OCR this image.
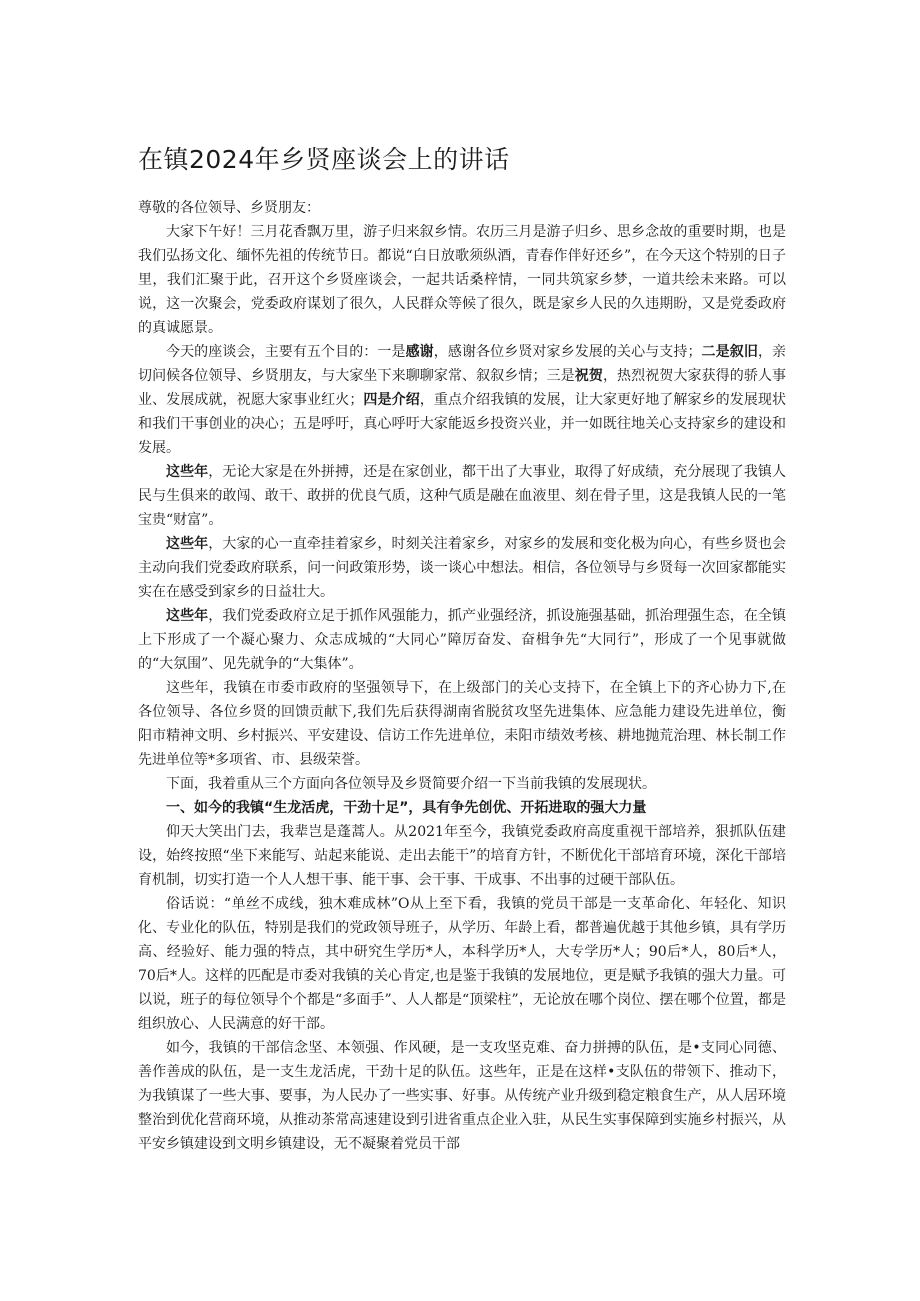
在镇2024年乡贤座谈会上的讲话

尊敬的各位领导、乡贤朋友：

大家下午好！三月花香飘万里，游子归来叙乡情。农历三月是游子归乡、思乡念故的重要时期，也是我们弘扬文化、缅怀先祖的传统节日。都说“白日放歌须纵酒，青春作伴好还乡”，在今天这个特别的日子里，我们汇聚于此，召开这个乡贤座谈会，一起共话桑梓情，一同共筑家乡梦，一道共绘未来路。可以说，这一次聚会，党委政府谋划了很久，人民群众等候了很久，既是家乡人民的久违期盼，又是党委政府的真诚愿景。

今天的座谈会，主要有五个目的：一是感谢，感谢各位乡贤对家乡发展的关心与支持；二是叙旧，亲切问候各位领导、乡贤朋友，与大家坐下来聊聊家常、叙叙乡情；三是祝贺，热烈祝贺大家获得的骄人事业、发展成就，祝愿大家事业红火；四是介绍，重点介绍我镇的发展，让大家更好地了解家乡的发展现状和我们干事创业的决心；五是呼吁，真心呼吁大家能返乡投资兴业，并一如既往地关心支持家乡的建设和发展。

这些年，无论大家是在外拼搏，还是在家创业，都干出了大事业，取得了好成绩，充分展现了我镇人民与生俱来的敢闯、敢干、敢拼的优良气质，这种气质是融在血液里、刻在骨子里，这是我镇人民的一笔宝贵“财富”。

这些年，大家的心一直牵挂着家乡，时刻关注着家乡，对家乡的发展和变化极为向心，有些乡贤也会主动向我们党委政府联系，问一问政策形势，谈一谈心中想法。相信，各位领导与乡贤每一次回家都能实实在在感受到家乡的日益壮大。

这些年，我们党委政府立足于抓作风强能力，抓产业强经济，抓设施强基础，抓治理强生态，在全镇上下形成了一个凝心聚力、众志成城的“大同心”障厉奋发、奋楫争先“大同行”，形成了一个见事就做的“大氛围”、见先就争的“大集体”。

这些年，我镇在市委市政府的坚强领导下，在上级部门的关心支持下，在全镇上下的齐心协力下,在各位领导、各位乡贤的回馈贡献下,我们先后获得湖南省脱贫攻坚先进集体、应急能力建设先进单位，衡阳市精神文明、乡村振兴、平安建设、信访工作先进单位，耒阳市绩效考核、耕地抛荒治理、林长制工作先进单位等*多项省、市、县级荣誉。

下面，我着重从三个方面向各位领导及乡贤简要介绍一下当前我镇的发展现状。

一、如今的我镇“生龙活虎，干劲十足”，具有争先创优、开拓进取的强大力量

仰天大笑出门去，我辈岂是蓬蒿人。从2021年至今，我镇党委政府高度重视干部培养，狠抓队伍建设，始终按照“坐下来能写、站起来能说、走出去能干”的培育方针，不断优化干部培育环境，深化干部培育机制，切实打造一个人人想干事、能干事、会干事、干成事、不出事的过硬干部队伍。

俗话说：“单丝不成线，独木难成林”O从上至下看，我镇的党员干部是一支革命化、年轻化、知识化、专业化的队伍，特别是我们的党政领导班子，从学历、年龄上看，都普遍优越于其他乡镇，具有学历高、经验好、能力强的特点，其中研究生学历*人，本科学历*人，大专学历*人；90后*人，80后*人，70后*人。这样的匹配是市委对我镇的关心肯定,也是鉴于我镇的发展地位，更是赋予我镇的强大力量。可以说，班子的每位领导个个都是“多面手”、人人都是“顶梁柱”，无论放在哪个岗位、摆在哪个位置，都是组织放心、人民满意的好干部。

如今，我镇的干部信念坚、本领强、作风硬，是一支攻坚克难、奋力拼搏的队伍，是•支同心同德、善作善成的队伍，是一支生龙活虎，干劲十足的队伍。这些年，正是在这样•支队伍的带领下、推动下，为我镇谋了一些大事、要事，为人民办了一些实事、好事。从传统产业升级到稳定粮食生产，从人居环境整治到优化营商环境，从推动茶常高速建设到引进省重点企业入驻，从民生实事保障到实施乡村振兴，从平安乡镇建设到文明乡镇建设，无不凝聚着党员干部
